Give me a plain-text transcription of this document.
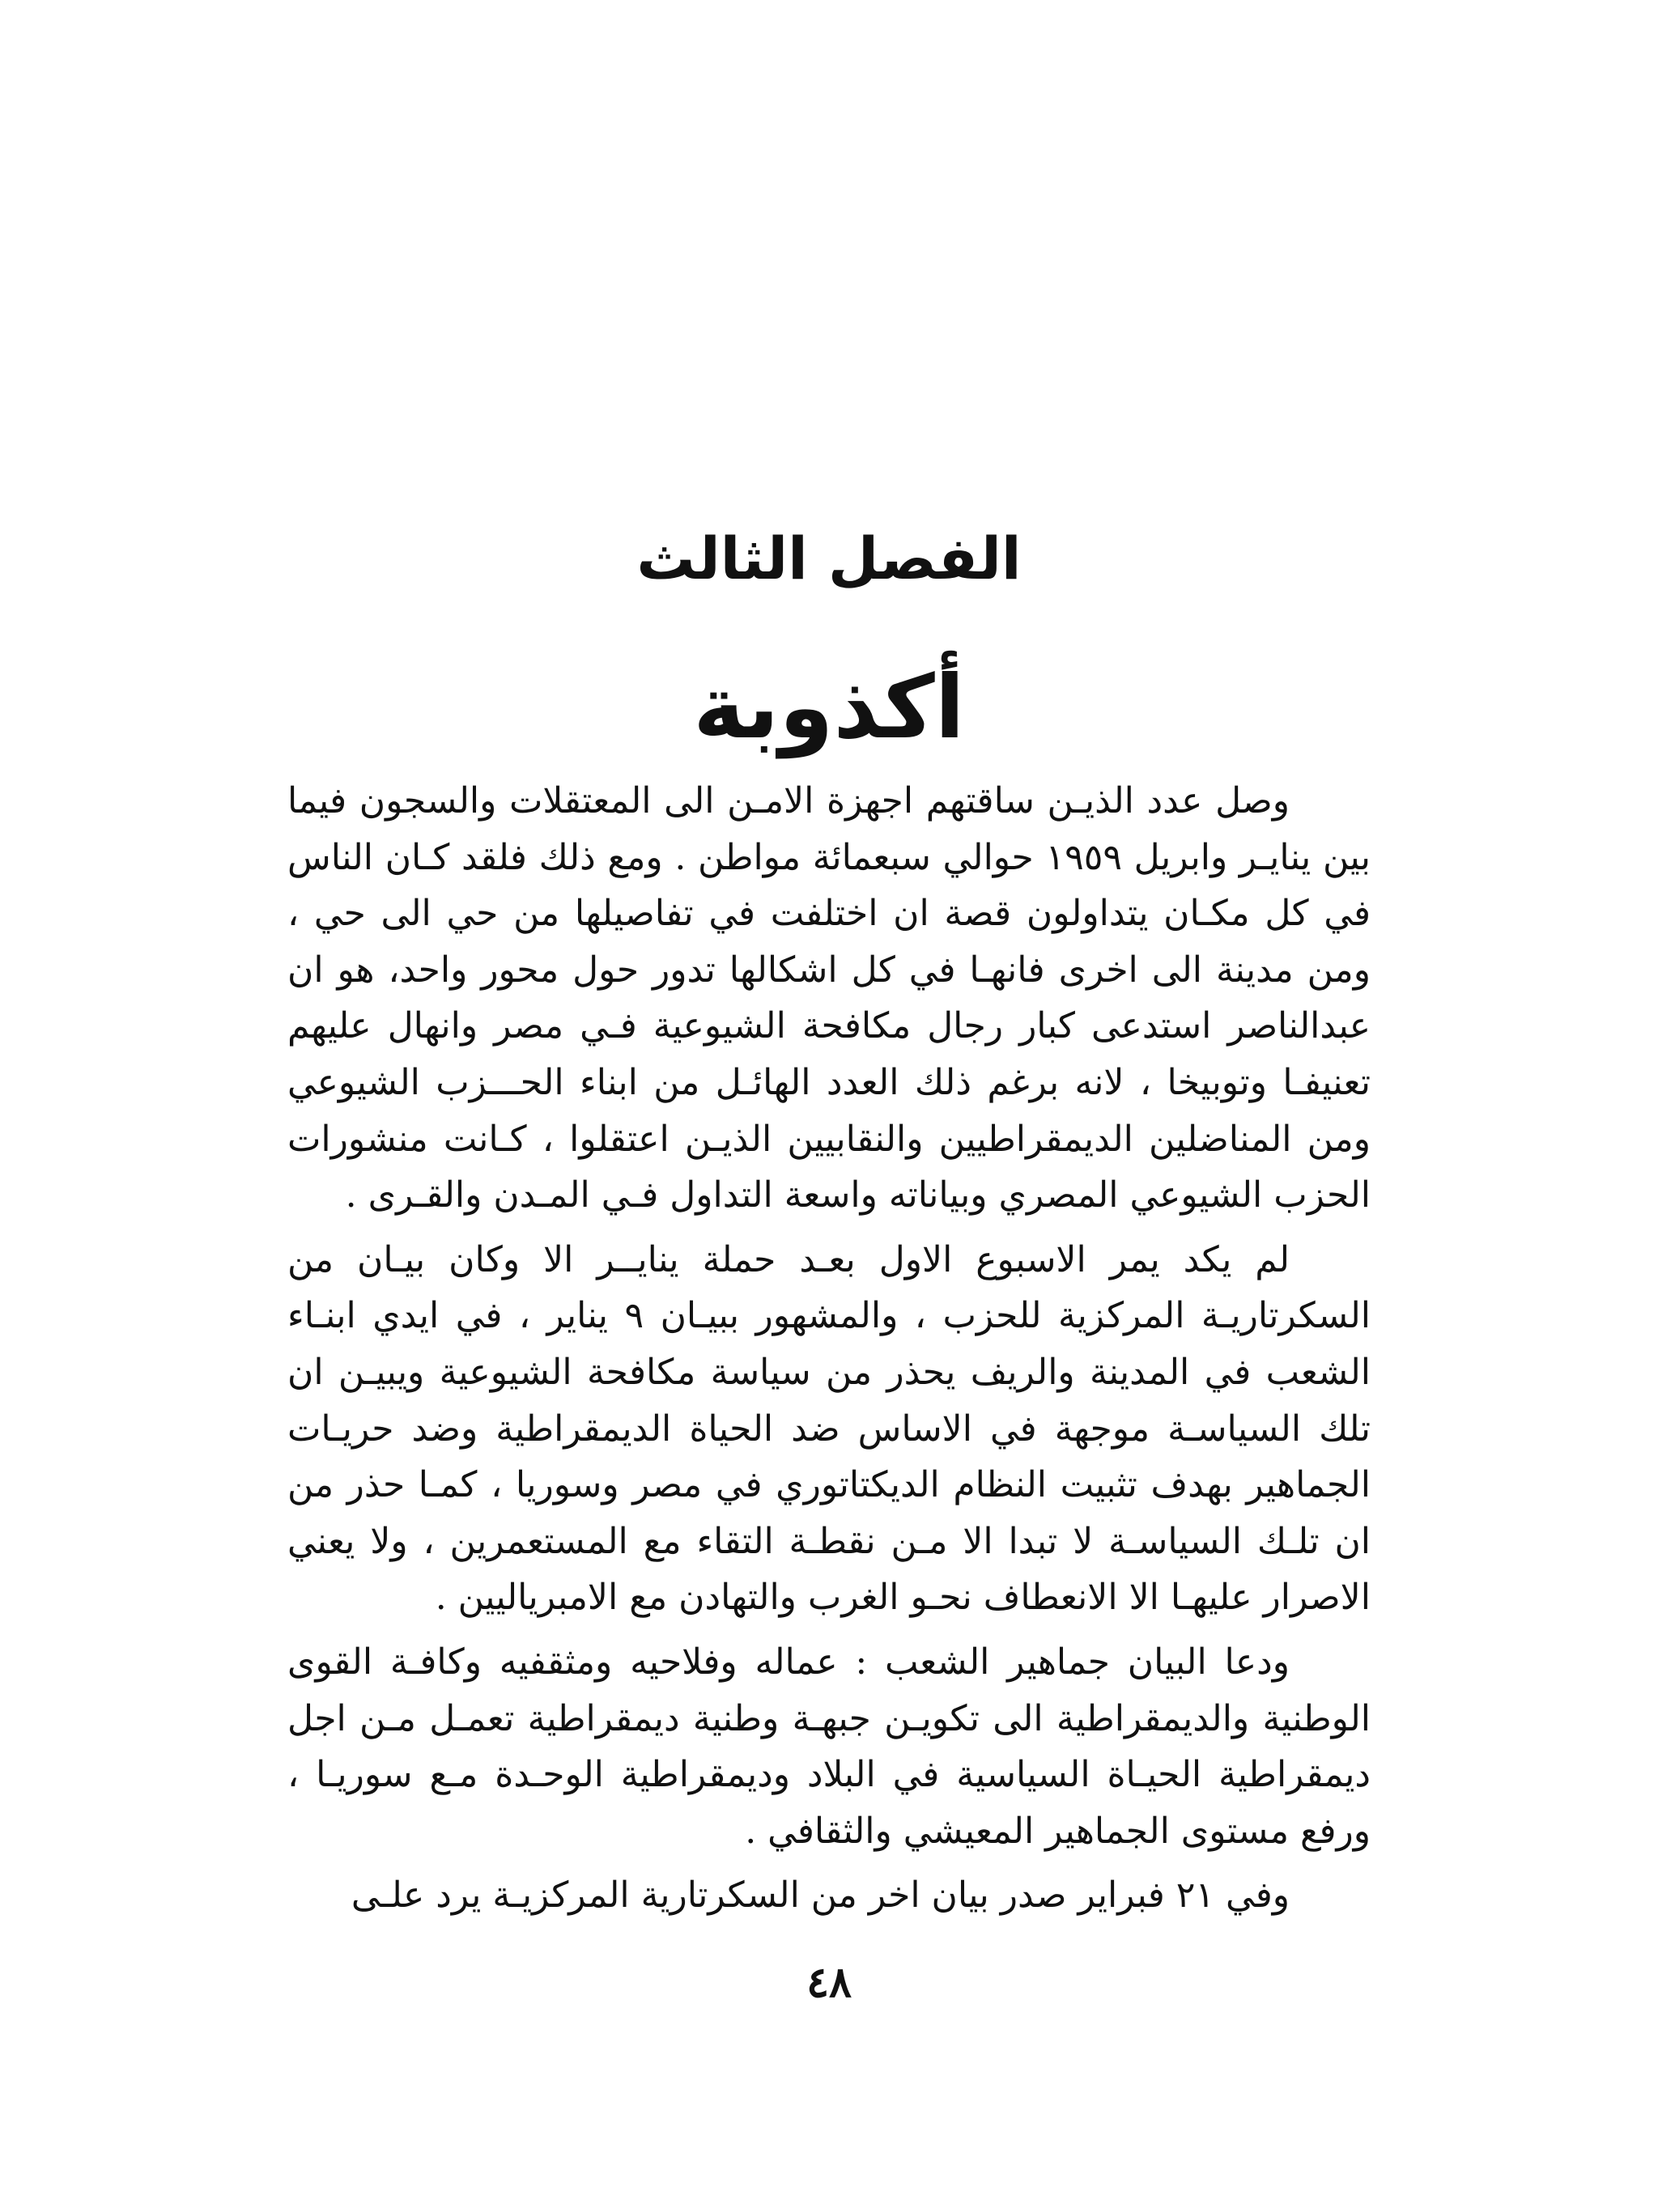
الفصل الثالث
أكذوبة

وصل عدد الذيـن ساقتهم اجهزة الامـن الى المعتقلات والسجون فيما بين ينايـر وابريل ١٩٥٩ حوالي سبعمائة مواطن . ومع ذلك فلقد كـان الناس في كل مكـان يتداولون قصة ان اختلفت في تفاصيلها من حي الى حي ، ومن مدينة الى اخرى فانهـا في كل اشكالها تدور حول محور واحد، هو ان عبدالناصر استدعى كبار رجال مكافحة الشيوعية فـي مصر وانهال عليهم تعنيفـا وتوبيخا ، لانه برغم ذلك العدد الهائـل من ابناء الحـــزب الشيوعي ومن المناضلين الديمقراطيين والنقابيين الذيـن اعتقلوا ، كـانت منشورات الحزب الشيوعي المصري وبياناته واسعة التداول فـي المـدن والقـرى .

لم يكد يمر الاسبوع الاول بعـد حملة ينايــر الا وكان بيـان من السكرتاريـة المركزية للحزب ، والمشهور ببيـان ٩ يناير ، في ايدي ابنـاء الشعب في المدينة والريف يحذر من سياسة مكافحة الشيوعية ويبيـن ان تلك السياسـة موجهة في الاساس ضد الحياة الديمقراطية وضد حريـات الجماهير بهدف تثبيت النظام الديكتاتوري في مصر وسوريا ، كمـا حذر من ان تلـك السياسـة لا تبدا الا مـن نقطـة التقاء مع المستعمرين ، ولا يعني الاصرار عليهـا الا الانعطاف نحـو الغرب والتهادن مع الامبرياليين .

ودعا البيان جماهير الشعب : عماله وفلاحيه ومثقفيه وكافـة القوى الوطنية والديمقراطية الى تكويـن جبهـة وطنية ديمقراطية تعمـل مـن اجل ديمقراطية الحيـاة السياسية في البلاد وديمقراطية الوحـدة مـع سوريـا ، ورفع مستوى الجماهير المعيشي والثقافي .

وفي ٢١ فبراير صدر بيان اخر من السكرتارية المركزيـة يرد علـى

٤٨
